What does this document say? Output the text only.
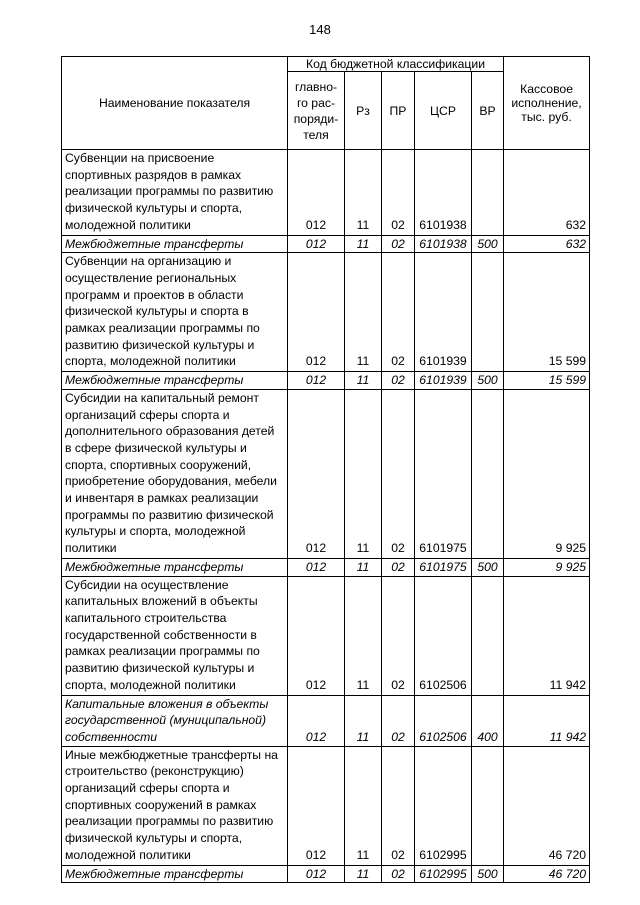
148
Наименование показателя	Код бюджетной классификации					Кассовое исполнение, тыс. руб.
	главно-го рас-поряди-теля	Рз	ПР	ЦСР	ВР	
Субвенции на присвоение спортивных разрядов в рамках реализации программы по развитию физической культуры и спорта, молодежной политики	012	11	02	6101938		632
Межбюджетные трансферты	012	11	02	6101938	500	632
Субвенции на организацию и осуществление региональных программ и проектов в области физической культуры и спорта в рамках реализации программы по развитию физической культуры и спорта, молодежной политики	012	11	02	6101939		15 599
Межбюджетные трансферты	012	11	02	6101939	500	15 599
Субсидии на капитальный ремонт организаций сферы спорта и дополнительного образования детей в сфере физической культуры и спорта, спортивных сооружений, приобретение оборудования, мебели и инвентаря в рамках реализации программы по развитию физической культуры и спорта, молодежной политики	012	11	02	6101975		9 925
Межбюджетные трансферты	012	11	02	6101975	500	9 925
Субсидии на осуществление капитальных вложений в объекты капитального строительства государственной собственности в рамках реализации программы по развитию физической культуры и спорта, молодежной политики	012	11	02	6102506		11 942
Капитальные вложения в объекты государственной (муниципальной) собственности	012	11	02	6102506	400	11 942
Иные межбюджетные трансферты на строительство (реконструкцию) организаций сферы спорта и спортивных сооружений в рамках реализации программы по развитию физической культуры и спорта, молодежной политики	012	11	02	6102995		46 720
Межбюджетные трансферты	012	11	02	6102995	500	46 720
